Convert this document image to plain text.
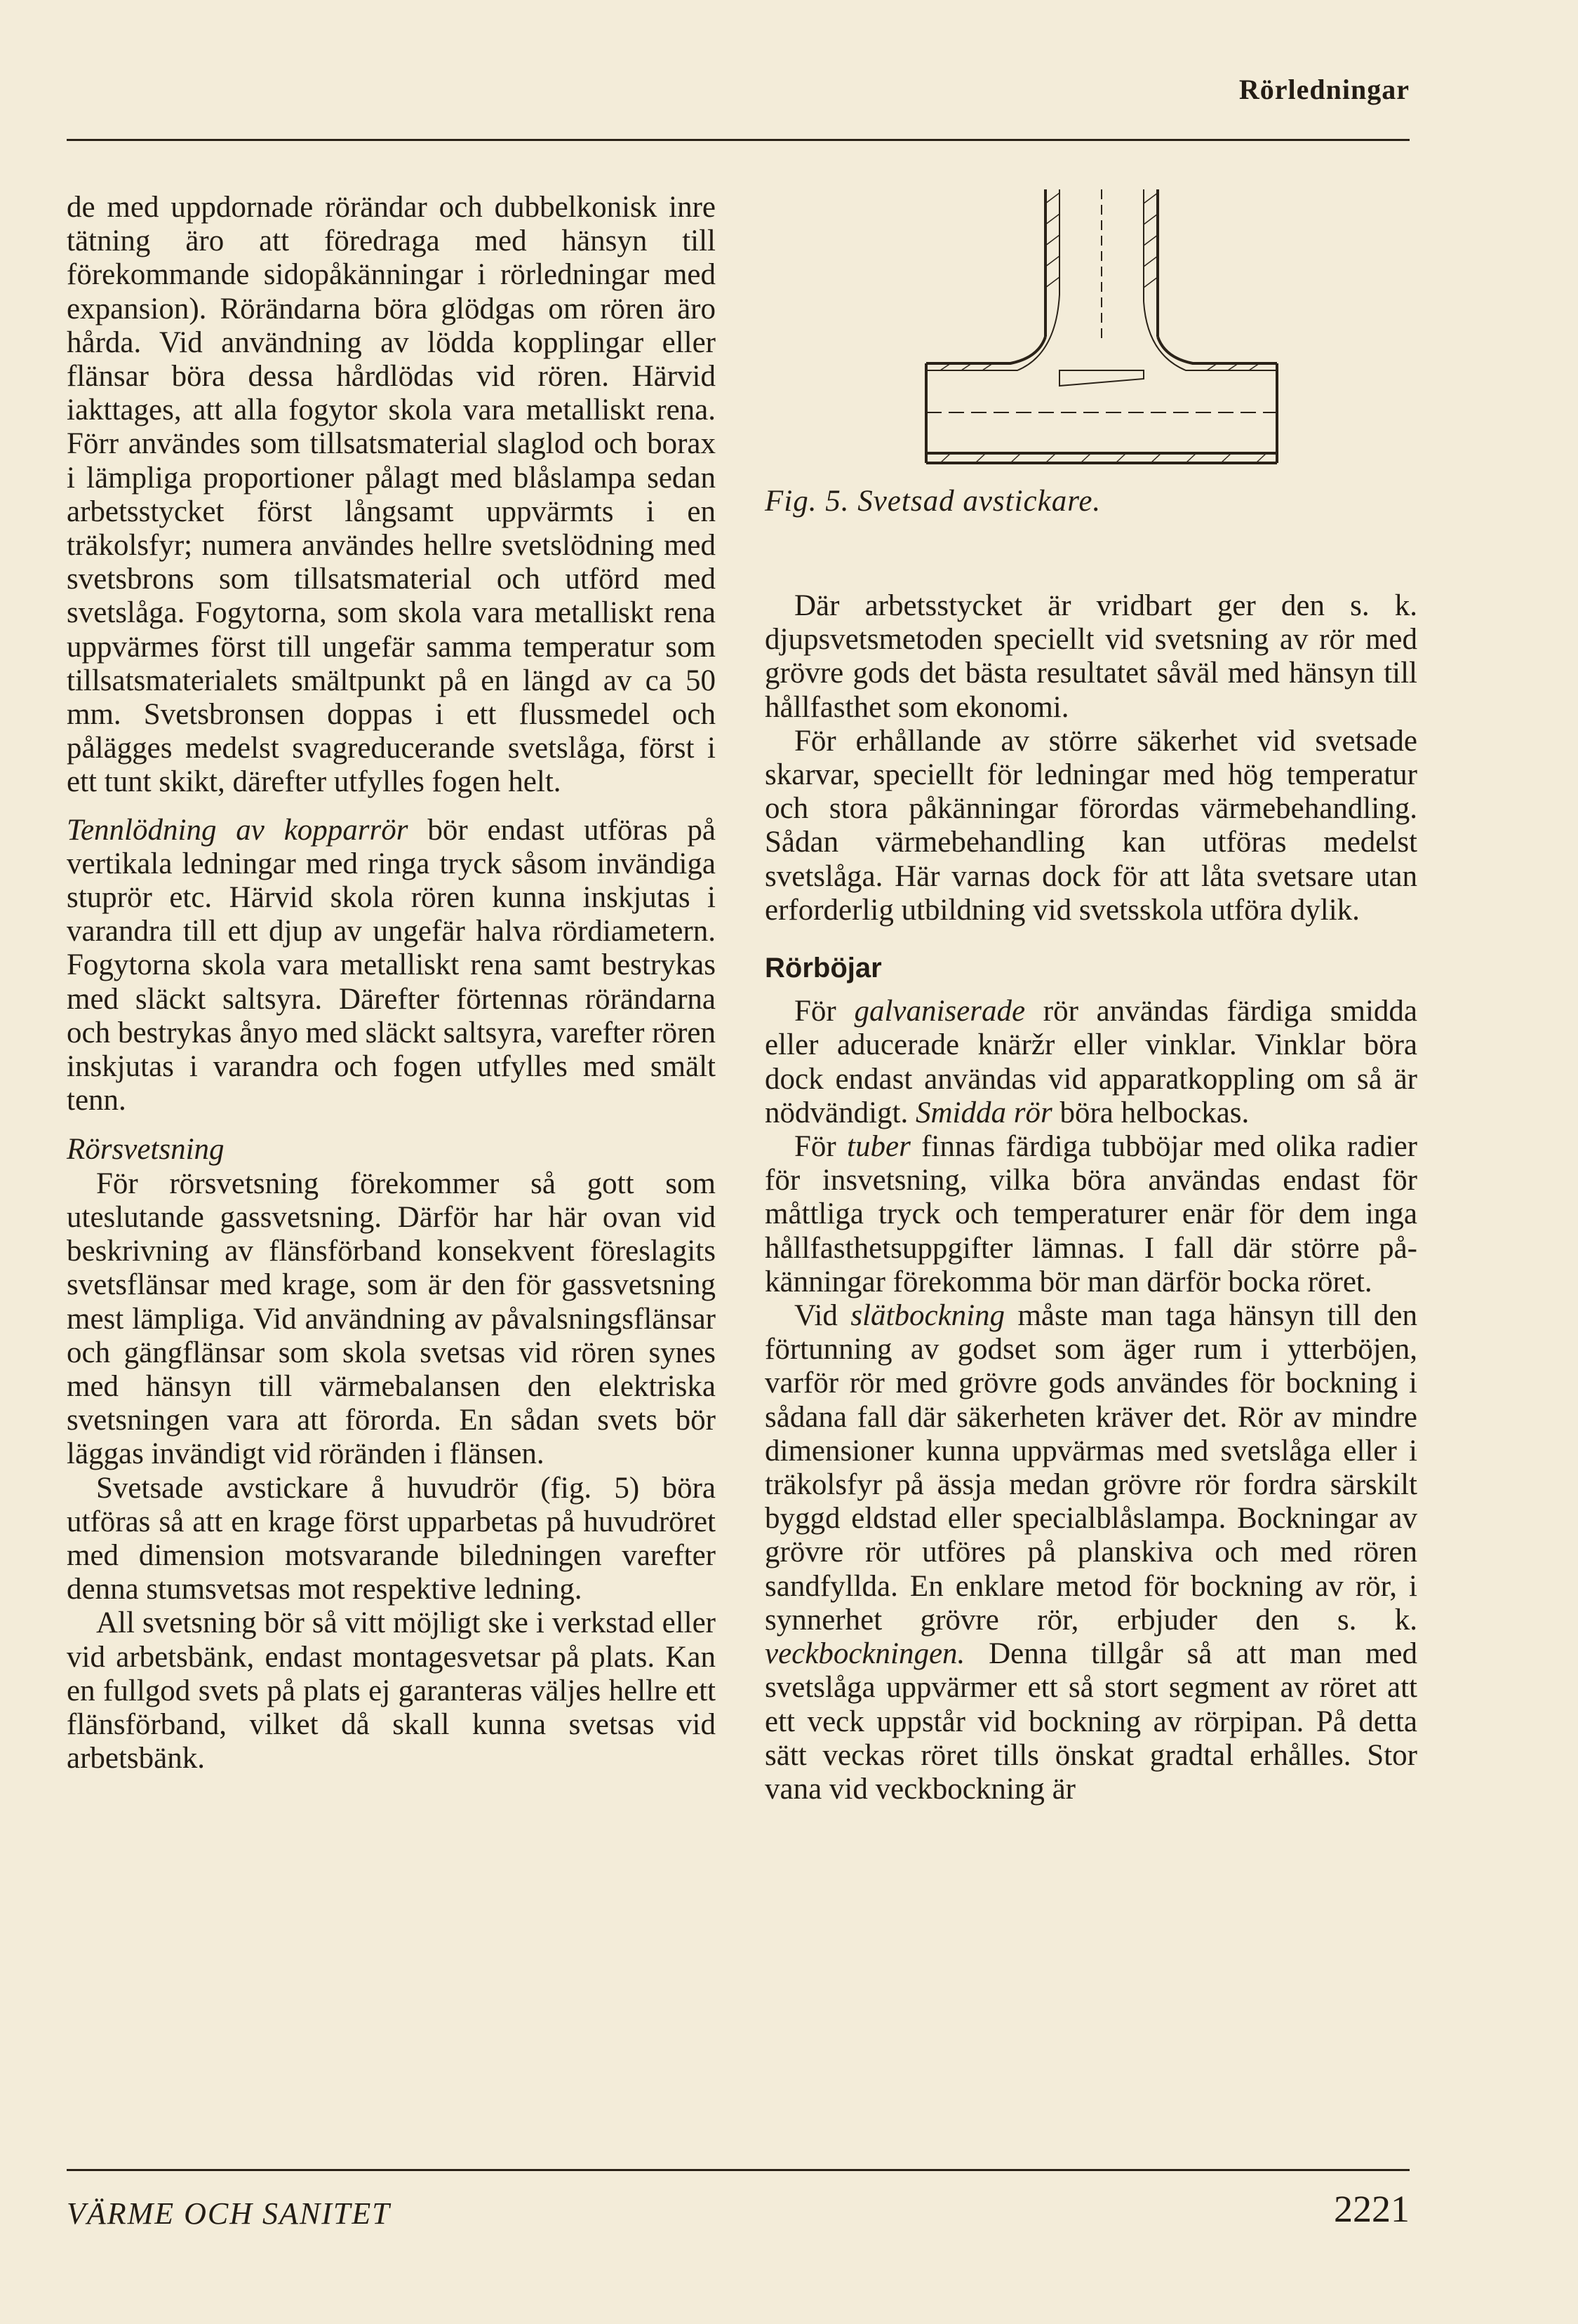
Rörledningar
Fig. 5. Svetsad avstickare.

de med uppdornade rörändar och dubbelkonisk inre tätning äro att föredraga med hänsyn till förekommande sidopåkänningar i rörledningar med expansion). Rörändarna böra glödgas om rören äro hårda. Vid användning av lödda kopplingar eller flänsar böra dessa hårdlödas vid rören. Härvid iakttages, att alla fogytor skola vara metalliskt rena. Förr användes som tillsatsmaterial slaglod och borax i lämpliga proportioner pålagt med blåslampa sedan arbetsstycket först långsamt uppvärmts i en träkolsfyr; numera användes hellre svetslödning med svetsbrons som tillsatsmaterial och utförd med svetslåga. Fogytorna, som skola vara metalliskt rena uppvärmes först till ungefär samma temperatur som tillsatsmaterialets smältpunkt på en längd av ca 50 mm. Svetsbronsen doppas i ett flussmedel och pålägges medelst svagreducerande svetslåga, först i ett tunt skikt, därefter utfylles fogen helt.

Tennlödning av kopparrör bör endast utföras på vertikala ledningar med ringa tryck såsom invändiga stuprör etc. Härvid skola rören kunna inskjutas i varandra till ett djup av ungefär halva rördiametern. Fogytorna skola vara metalliskt rena samt bestrykas med släckt saltsyra. Därefter förtennas rörändarna och bestrykas ånyo med släckt saltsyra, varefter rören inskjutas i varandra och fogen utfylles med smält tenn.

Rörsvetsning

För rörsvetsning förekommer så gott som uteslutande gassvetsning. Därför har här ovan vid beskrivning av flänsförband konsekvent föreslagits svetsflänsar med krage, som är den för gassvetsning mest lämpliga. Vid användning av påvalsningsflänsar och gängflänsar som skola svetsas vid rören synes med hänsyn till värmebalansen den elektriska svetsningen vara att förorda. En sådan svets bör läggas invändigt vid röränden i flänsen.

Svetsade avstickare å huvudrör (fig. 5) böra utföras så att en krage först upparbetas på huvudröret med dimension motsvarande biledningen varefter denna stumsvetsas mot respektive ledning.

All svetsning bör så vitt möjligt ske i verkstad eller vid arbetsbänk, endast montagesvetsar på plats. Kan en fullgod svets på plats ej garanteras väljes hellre ett flänsförband, vilket då skall kunna svetsas vid arbetsbänk.

Där arbetsstycket är vridbart ger den s. k. djupsvetsmetoden speciellt vid svetsning av rör med grövre gods det bästa resultatet såväl med hänsyn till hållfasthet som ekonomi.

För erhållande av större säkerhet vid svetsade skarvar, speciellt för ledningar med hög temperatur och stora påkänningar förordas värmebehandling. Sådan värmebehandling kan utföras medelst svetslåga. Här varnas dock för att låta svetsare utan erforderlig utbildning vid svetsskola utföra dylik.

Rörböjar

För galvaniserade rör användas färdiga smidda eller aducerade knäržr eller vinklar. Vinklar böra dock endast användas vid apparatkoppling om så är nödvändigt. Smidda rör böra helbockas.

För tuber finnas färdiga tubböjar med olika radier för insvetsning, vilka böra användas endast för måttliga tryck och temperaturer enär för dem inga hållfasthetsuppgifter lämnas. I fall där större påkänningar förekomma bör man därför bocka röret.

Vid slätbockning måste man taga hänsyn till den förtunning av godset som äger rum i ytterböjen, varför rör med grövre gods användes för bockning i sådana fall där säkerheten kräver det. Rör av mindre dimensioner kunna uppvärmas med svetslåga eller i träkolsfyr på ässja medan grövre rör fordra särskilt byggd eldstad eller specialblåslampa. Bockningar av grövre rör utföres på planskiva och med rören sandfyllda. En enklare metod för bockning av rör, i synnerhet grövre rör, erbjuder den s. k. veckbockningen. Denna tillgår så att man med svetslåga uppvärmer ett så stort segment av röret att ett veck uppstår vid bockning av rörpipan. På detta sätt veckas röret tills önskat gradtal erhålles. Stor vana vid veckbockning är

VÄRME OCH SANITET	2221
